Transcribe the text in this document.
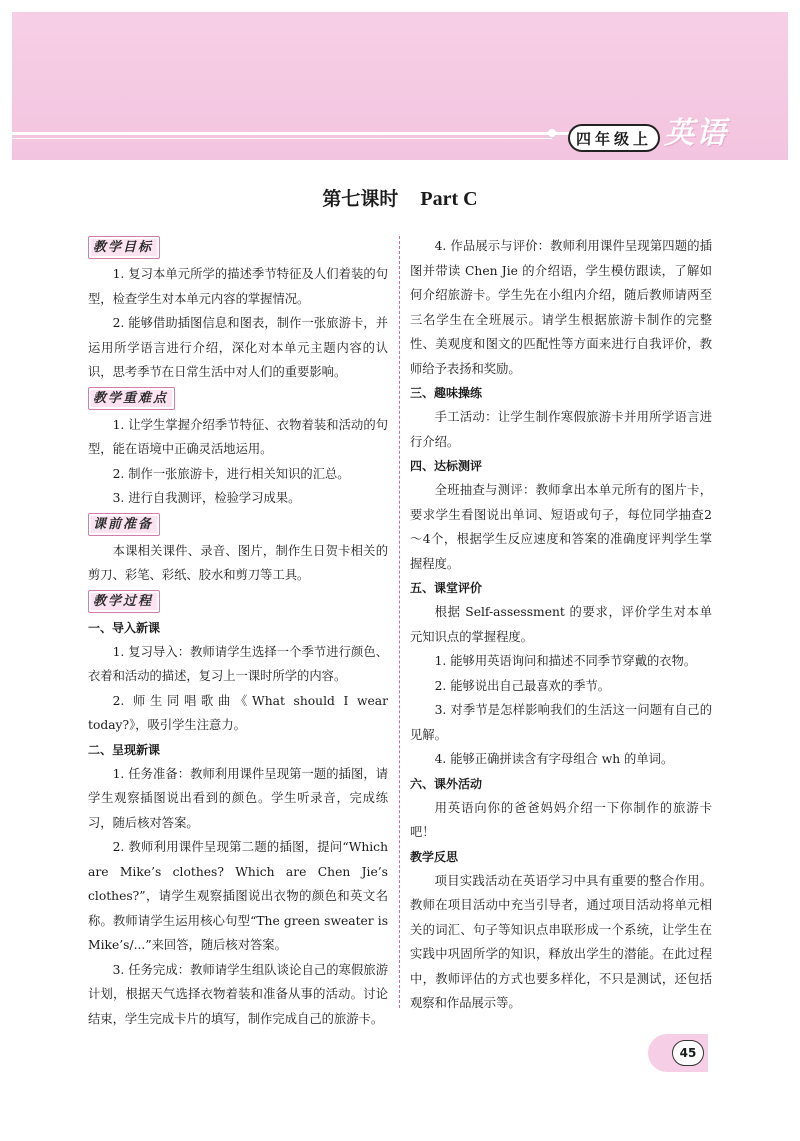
四年级上 英语
第七课时 Part C
教学目标

1. 复习本单元所学的描述季节特征及人们着装的句型，检查学生对本单元内容的掌握情况。

2. 能够借助插图信息和图表，制作一张旅游卡，并运用所学语言进行介绍，深化对本单元主题内容的认识，思考季节在日常生活中对人们的重要影响。

教学重难点

1. 让学生掌握介绍季节特征、衣物着装和活动的句型，能在语境中正确灵活地运用。

2. 制作一张旅游卡，进行相关知识的汇总。

3. 进行自我测评，检验学习成果。

课前准备

本课相关课件、录音、图片，制作生日贺卡相关的剪刀、彩笔、彩纸、胶水和剪刀等工具。

教学过程
一、导入新课

1. 复习导入：教师请学生选择一个季节进行颜色、衣着和活动的描述，复习上一课时所学的内容。

2. 师生同唱歌曲《What should I wear today?》，吸引学生注意力。

二、呈现新课

1. 任务准备：教师利用课件呈现第一题的插图，请学生观察插图说出看到的颜色。学生听录音，完成练习，随后核对答案。

2. 教师利用课件呈现第二题的插图，提问“Which are Mike’s clothes? Which are Chen Jie’s clothes?”，请学生观察插图说出衣物的颜色和英文名称。教师请学生运用核心句型“The green sweater is Mike’s/...”来回答，随后核对答案。

3. 任务完成：教师请学生组队谈论自己的寒假旅游计划，根据天气选择衣物着装和准备从事的活动。讨论结束，学生完成卡片的填写，制作完成自己的旅游卡。

4. 作品展示与评价：教师利用课件呈现第四题的插图并带读 Chen Jie 的介绍语，学生模仿跟读，了解如何介绍旅游卡。学生先在小组内介绍，随后教师请两至三名学生在全班展示。请学生根据旅游卡制作的完整性、美观度和图文的匹配性等方面来进行自我评价，教师给予表扬和奖励。

三、趣味操练

手工活动：让学生制作寒假旅游卡并用所学语言进行介绍。

四、达标测评

全班抽查与测评：教师拿出本单元所有的图片卡，要求学生看图说出单词、短语或句子，每位同学抽查2～4个，根据学生反应速度和答案的准确度评判学生掌握程度。

五、课堂评价

根据 Self-assessment 的要求，评价学生对本单元知识点的掌握程度。

1. 能够用英语询问和描述不同季节穿戴的衣物。

2. 能够说出自己最喜欢的季节。

3. 对季节是怎样影响我们的生活这一问题有自己的见解。

4. 能够正确拼读含有字母组合 wh 的单词。

六、课外活动

用英语向你的爸爸妈妈介绍一下你制作的旅游卡吧！

教学反思

项目实践活动在英语学习中具有重要的整合作用。教师在项目活动中充当引导者，通过项目活动将单元相关的词汇、句子等知识点串联形成一个系统，让学生在实践中巩固所学的知识，释放出学生的潜能。在此过程中，教师评估的方式也要多样化，不只是测试，还包括观察和作品展示等。

45
